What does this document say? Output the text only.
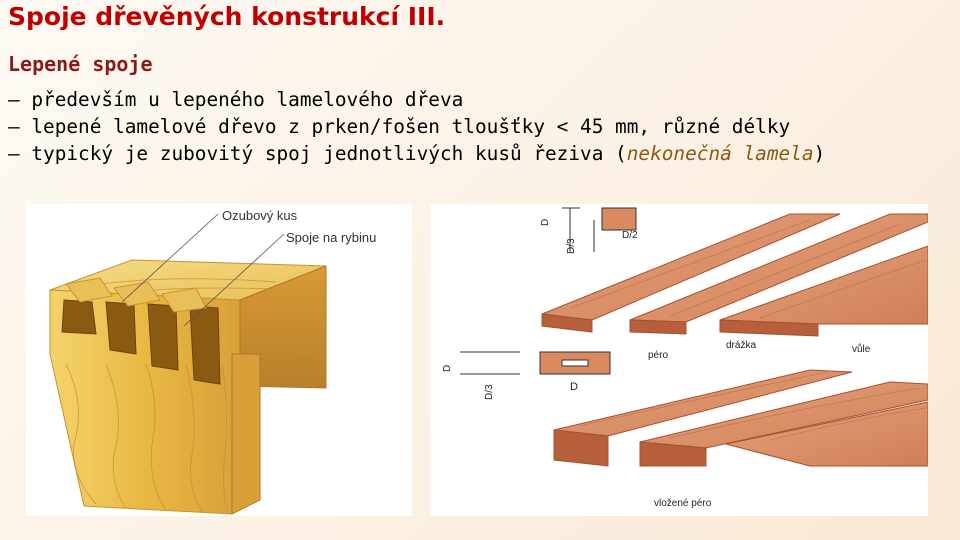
Spoje dřevěných konstrukcí III.
Lepené spoje
– především u lepeného lamelového dřeva
– lepené lamelové dřevo z prken/fošen tloušťky < 45 mm, různé délky
– typický je zubovitý spoj jednotlivých kusů řeziva (nekonečná lamela)
Ozubový kus
Spoje na rybinu
D
D/3
D/2
D
D/3	D
péro
drážka	vůle
vložené péro
